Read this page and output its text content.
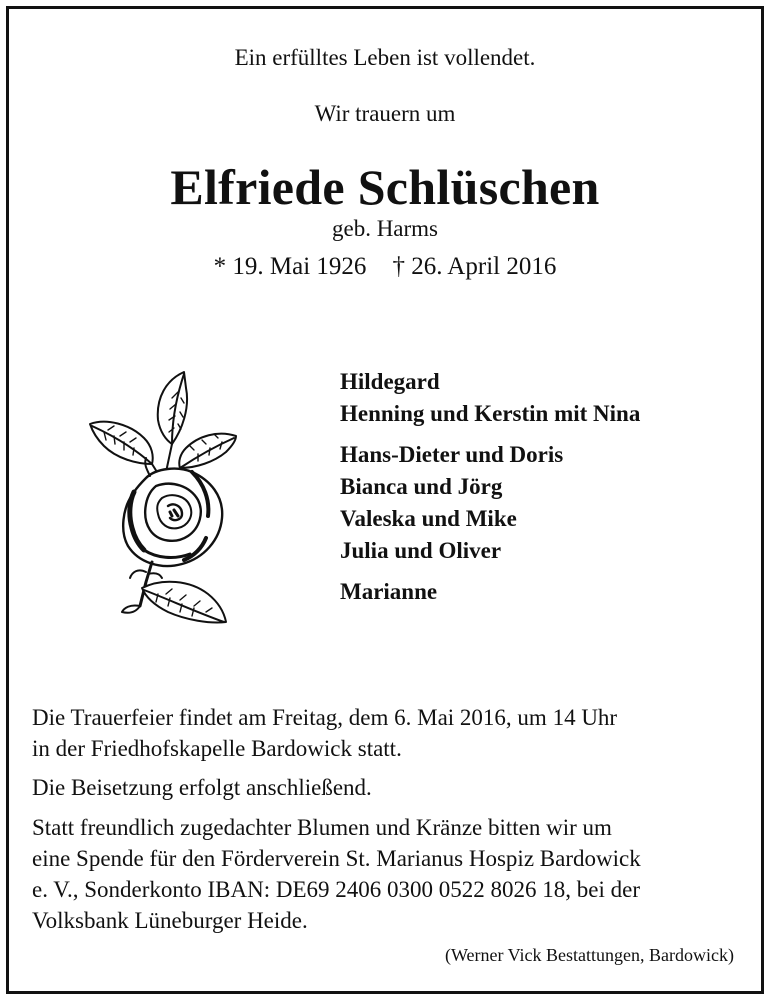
Ein erfülltes Leben ist vollendet.
Wir trauern um
Elfriede Schlüschen
geb. Harms
* 19. Mai 1926 † 26. April 2016
Hildegard
Henning und Kerstin mit Nina
Hans-Dieter und Doris
Bianca und Jörg
Valeska und Mike
Julia und Oliver
Marianne
Die Trauerfeier findet am Freitag, dem 6. Mai 2016, um 14 Uhr
in der Friedhofskapelle Bardowick statt.
Die Beisetzung erfolgt anschließend.
Statt freundlich zugedachter Blumen und Kränze bitten wir um
eine Spende für den Förderverein St. Marianus Hospiz Bardowick
e. V., Sonderkonto IBAN: DE69 2406 0300 0522 8026 18, bei der
Volksbank Lüneburger Heide.
(Werner Vick Bestattungen, Bardowick)
